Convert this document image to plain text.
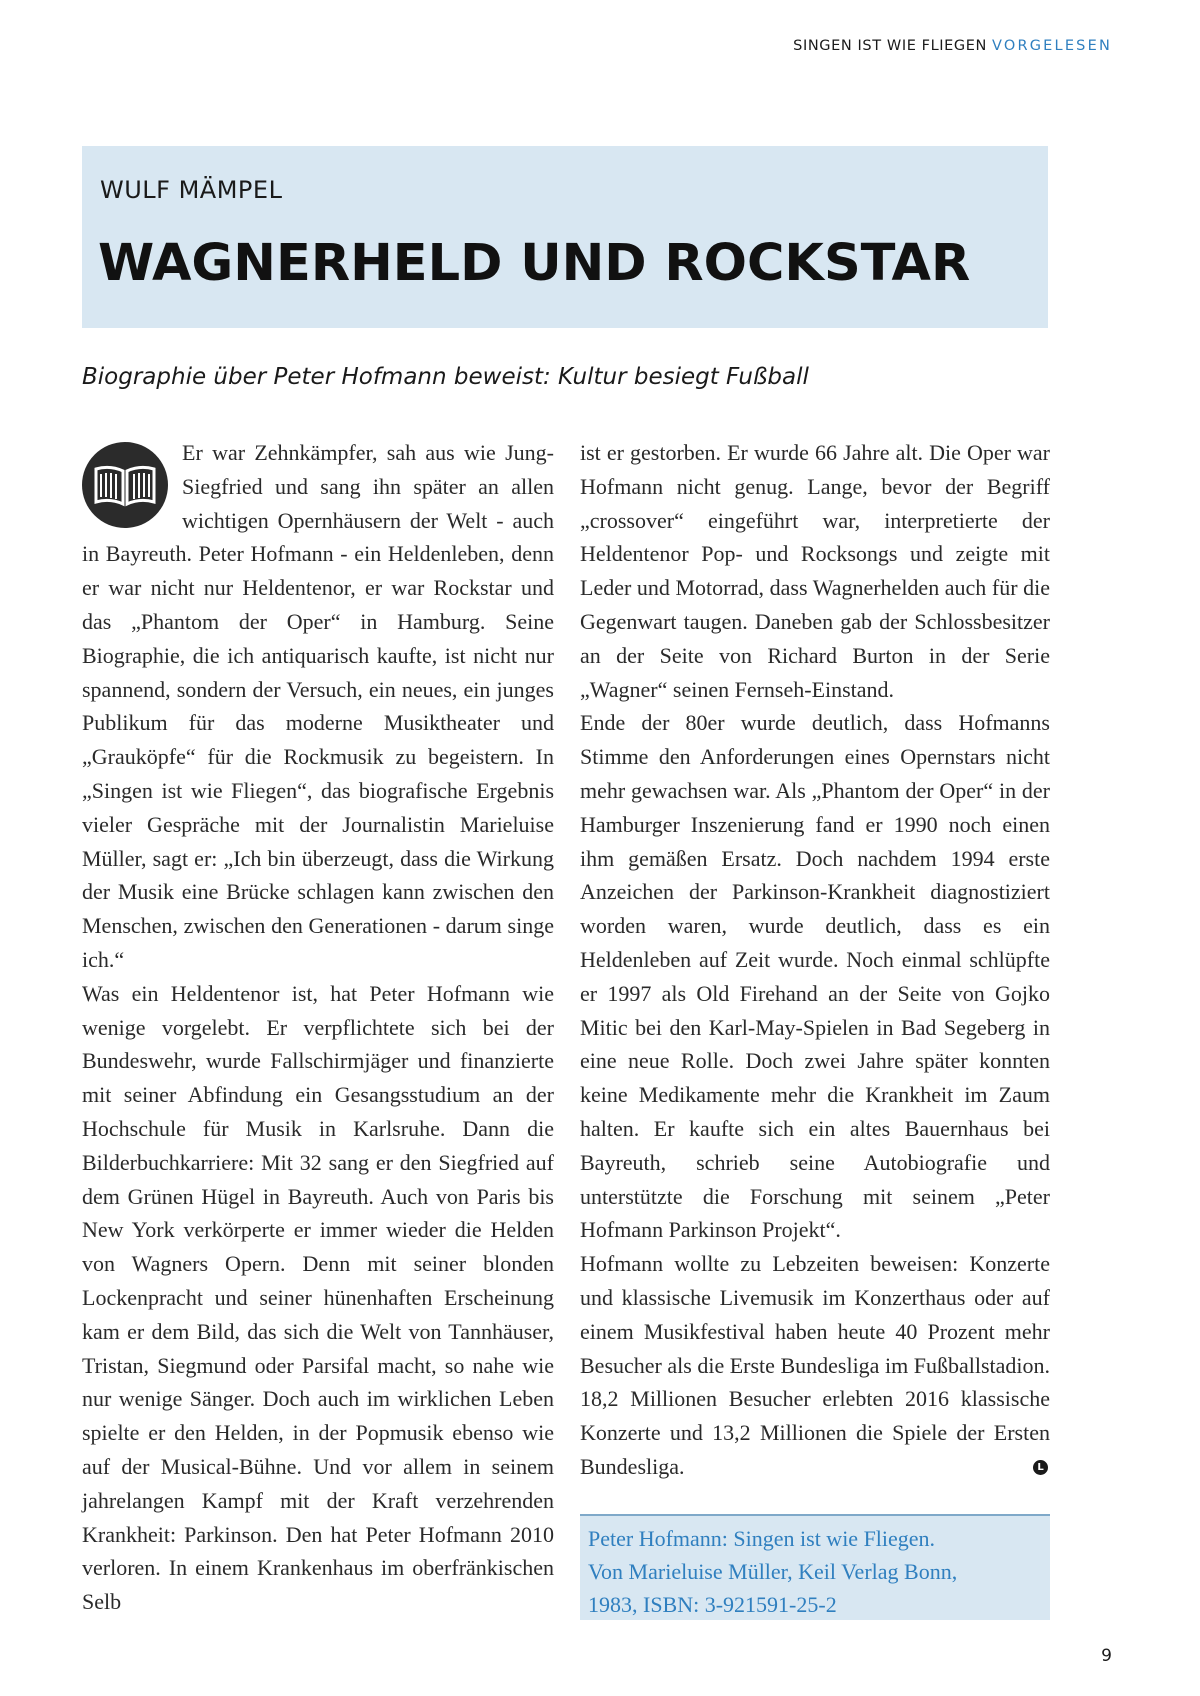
SINGEN IST WIE FLIEGEN VORGELESEN
WULF MÄMPEL
WAGNERHELD UND ROCKSTAR
Biographie über Peter Hofmann beweist: Kultur besiegt Fußball

Er war Zehnkämpfer, sah aus wie Jung-Siegfried und sang ihn später an allen wichtigen Opernhäusern der Welt - auch in Bayreuth. Peter Hofmann - ein Heldenleben, denn er war nicht nur Heldentenor, er war Rockstar und das „Phantom der Oper“ in Hamburg. Seine Biographie, die ich antiquarisch kaufte, ist nicht nur spannend, sondern der Versuch, ein neues, ein junges Publikum für das moderne Musiktheater und „Grauköpfe“ für die Rockmusik zu begeistern. In „Singen ist wie Fliegen“, das biografische Ergebnis vieler Gespräche mit der Journalistin Marieluise Müller, sagt er: „Ich bin überzeugt, dass die Wirkung der Musik eine Brücke schlagen kann zwischen den Menschen, zwischen den Generationen - darum singe ich.“

Was ein Heldentenor ist, hat Peter Hofmann wie wenige vorgelebt. Er verpflichtete sich bei der Bundeswehr, wurde Fallschirmjäger und finanzierte mit seiner Abfindung ein Gesangsstudium an der Hochschule für Musik in Karlsruhe. Dann die Bilderbuchkarriere: Mit 32 sang er den Siegfried auf dem Grünen Hügel in Bayreuth. Auch von Paris bis New York verkörperte er immer wieder die Helden von Wagners Opern. Denn mit seiner blonden Lockenpracht und seiner hünenhaften Erscheinung kam er dem Bild, das sich die Welt von Tannhäuser, Tristan, Siegmund oder Parsifal macht, so nahe wie nur wenige Sänger. Doch auch im wirklichen Leben spielte er den Helden, in der Popmusik ebenso wie auf der Musical-Bühne. Und vor allem in seinem jahrelangen Kampf mit der Kraft verzehrenden Krankheit: Parkinson. Den hat Peter Hofmann 2010 verloren. In einem Krankenhaus im oberfränkischen Selb

ist er gestorben. Er wurde 66 Jahre alt. Die Oper war Hofmann nicht genug. Lange, bevor der Begriff „crossover“ eingeführt war, interpretierte der Heldentenor Pop- und Rocksongs und zeigte mit Leder und Motorrad, dass Wagnerhelden auch für die Gegenwart taugen. Daneben gab der Schlossbesitzer an der Seite von Richard Burton in der Serie „Wagner“ seinen Fernseh-Einstand.

Ende der 80er wurde deutlich, dass Hofmanns Stimme den Anforderungen eines Opernstars nicht mehr gewachsen war. Als „Phantom der Oper“ in der Hamburger Inszenierung fand er 1990 noch einen ihm gemäßen Ersatz. Doch nachdem 1994 erste Anzeichen der Parkinson-Krankheit diagnostiziert worden waren, wurde deutlich, dass es ein Heldenleben auf Zeit wurde. Noch einmal schlüpfte er 1997 als Old Firehand an der Seite von Gojko Mitic bei den Karl-May-Spielen in Bad Segeberg in eine neue Rolle. Doch zwei Jahre später konnten keine Medikamente mehr die Krankheit im Zaum halten. Er kaufte sich ein altes Bauernhaus bei Bayreuth, schrieb seine Autobiografie und unterstützte die Forschung mit seinem „Peter Hofmann Parkinson Projekt“.

Hofmann wollte zu Lebzeiten beweisen: Konzerte und klassische Livemusik im Konzerthaus oder auf einem Musikfestival haben heute 40 Prozent mehr Besucher als die Erste Bundesliga im Fußballstadion. 18,2 Millionen Besucher erlebten 2016 klassische Konzerte und 13,2 Millionen die Spiele der Ersten Bundesliga.	L

Peter Hofmann: Singen ist wie Fliegen.
Von Marieluise Müller, Keil Verlag Bonn,
1983, ISBN: 3-921591-25-2
9
